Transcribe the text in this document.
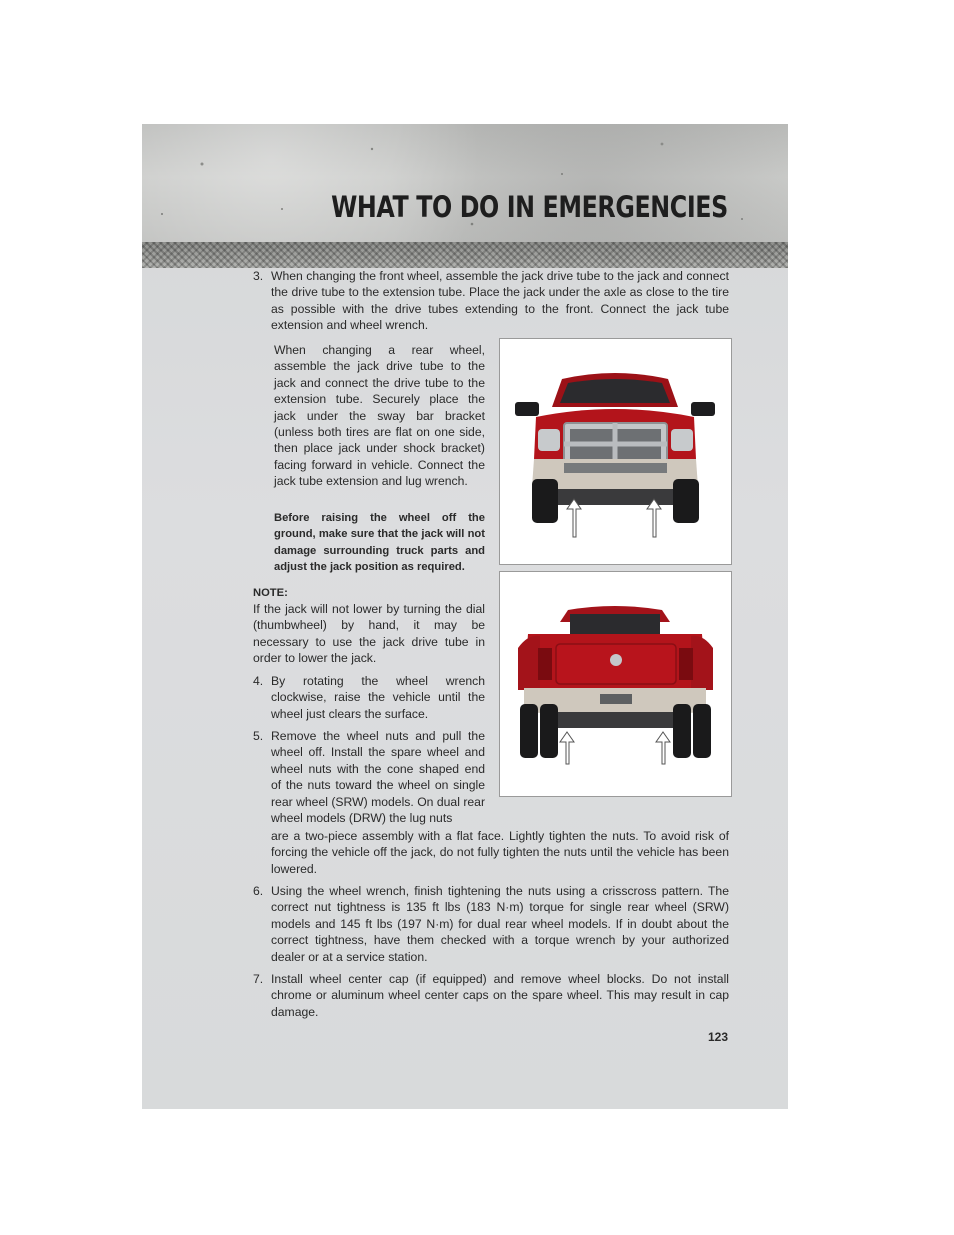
WHAT TO DO IN EMERGENCIES
3. When changing the front wheel, assemble the jack drive tube to the jack and connect the drive tube to the extension tube. Place the jack under the axle as close to the tire as possible with the drive tubes extending to the front. Connect the jack tube extension and wheel wrench.
When changing a rear wheel, assemble the jack drive tube to the jack and connect the drive tube to the extension tube. Securely place the jack under the sway bar bracket (unless both tires are flat on one side, then place jack under shock bracket) facing forward in vehicle. Connect the jack tube extension and lug wrench.
Before raising the wheel off the ground, make sure that the jack will not damage surrounding truck parts and adjust the jack position as required.
NOTE:
If the jack will not lower by turning the dial (thumbwheel) by hand, it may be necessary to use the jack drive tube in order to lower the jack.
4. By rotating the wheel wrench clockwise, raise the vehicle until the wheel just clears the surface.
5. Remove the wheel nuts and pull the wheel off. Install the spare wheel and wheel nuts with the cone shaped end of the nuts toward the wheel on single rear wheel (SRW) models. On dual rear wheel models (DRW) the lug nuts
are a two-piece assembly with a flat face. Lightly tighten the nuts. To avoid risk of forcing the vehicle off the jack, do not fully tighten the nuts until the vehicle has been lowered.
6. Using the wheel wrench, finish tightening the nuts using a crisscross pattern. The correct nut tightness is 135 ft lbs (183 N·m) torque for single rear wheel (SRW) models and 145 ft lbs (197 N·m) for dual rear wheel models. If in doubt about the correct tightness, have them checked with a torque wrench by your authorized dealer or at a service station.
7. Install wheel center cap (if equipped) and remove wheel blocks. Do not install chrome or aluminum wheel center caps on the spare wheel. This may result in cap damage.
123
